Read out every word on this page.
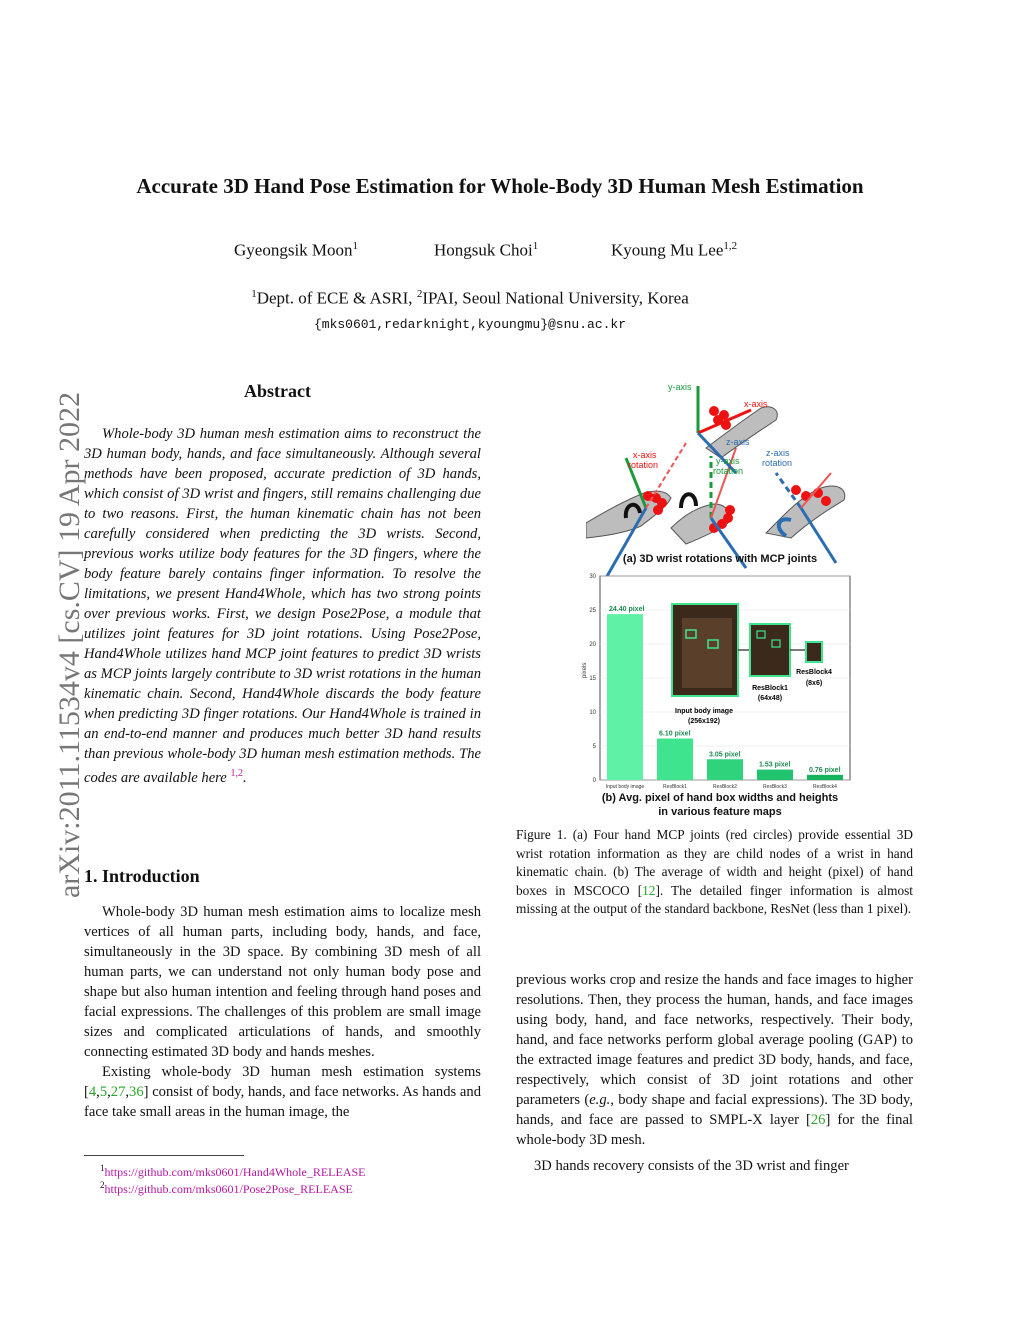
Accurate 3D Hand Pose Estimation for Whole-Body 3D Human Mesh Estimation
Gyeongsik Moon$^1$	Hongsuk Choi$^1$	Kyoung Mu Lee$^{1,2}$
$^1$Dept. of ECE & ASRI, $^2$IPAI, Seoul National University, Korea
{mks0601,redarknight,kyoungmu}@snu.ac.kr
arXiv:2011.11534v4 [cs.CV] 19 Apr 2022
Abstract

Whole-body 3D human mesh estimation aims to reconstruct the 3D human body, hands, and face simultaneously. Although several methods have been proposed, accurate prediction of 3D hands, which consist of 3D wrist and fingers, still remains challenging due to two reasons. First, the human kinematic chain has not been carefully considered when predicting the 3D wrists. Second, previous works utilize body features for the 3D fingers, where the body feature barely contains finger information. To resolve the limitations, we present Hand4Whole, which has two strong points over previous works. First, we design Pose2Pose, a module that utilizes joint features for 3D joint rotations. Using Pose2Pose, Hand4Whole utilizes hand MCP joint features to predict 3D wrists as MCP joints largely contribute to 3D wrist rotations in the human kinematic chain. Second, Hand4Whole discards the body feature when predicting 3D finger rotations. Our Hand4Whole is trained in an end-to-end manner and produces much better 3D hand results than previous whole-body 3D human mesh estimation methods. The codes are available here $^{1,2}$.

1. Introduction

Whole-body 3D human mesh estimation aims to localize mesh vertices of all human parts, including body, hands, and face, simultaneously in the 3D space. By combining 3D mesh of all human parts, we can understand not only human body pose and shape but also human intention and feeling through hand poses and facial expressions. The challenges of this problem are small image sizes and complicated articulations of hands, and smoothly connecting estimated 3D body and hands meshes.

Existing whole-body 3D human mesh estimation systems [4,5,27,36] consist of body, hands, and face networks. As hands and face take small areas in the human image, the

$^1$https://github.com/mks0601/Hand4Whole_RELEASE
$^2$https://github.com/mks0601/Pose2Pose_RELEASE
y-axis
x-axis
z-axis
x-axis
rotation	y-axis
rotation
z-axis
rotation
(a) 3D wrist rotations with MCP joints
0
5
10
15
20
25
30
Input body image	ResBlock1	ResBlock2	ResBlock3	ResBlock4
24.40 pixel
6.10 pixel
3.05 pixel
1.53 pixel
0.76 pixel
pixels
Input body image
(256x192)
ResBlock1
(64x48)
ResBlock4
(8x6)
(b) Avg. pixel of hand box widths and heights
in various feature maps
Figure 1. (a) Four hand MCP joints (red circles) provide essential 3D wrist rotation information as they are child nodes of a wrist in hand kinematic chain. (b) The average of width and height (pixel) of hand boxes in MSCOCO [12]. The detailed finger information is almost missing at the output of the standard backbone, ResNet (less than 1 pixel).

previous works crop and resize the hands and face images to higher resolutions. Then, they process the human, hands, and face images using body, hand, and face networks, respectively. Their body, hand, and face networks perform global average pooling (GAP) to the extracted image features and predict 3D body, hands, and face, respectively, which consist of 3D joint rotations and other parameters (e.g., body shape and facial expressions). The 3D body, hands, and face are passed to SMPL-X layer [26] for the final whole-body 3D mesh.

3D hands recovery consists of the 3D wrist and finger
